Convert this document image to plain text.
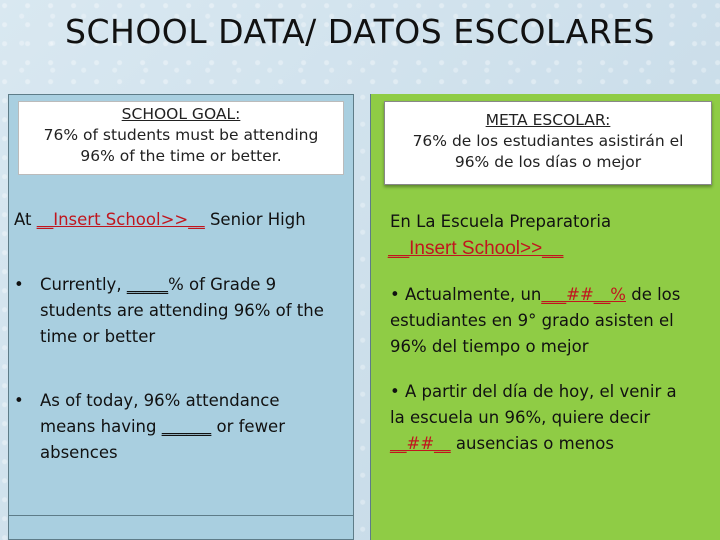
SCHOOL DATA/ DATOS ESCOLARES
SCHOOL GOAL:
76% of students must be attending
96% of the time or better.
META ESCOLAR:
76% de los estudiantes asistirán el
96% de los días o mejor
At __Insert School>>__ Senior High
• Currently, _____% of Grade 9
students are attending 96% of the
time or better
• As of today, 96% attendance
means having ______ or fewer
absences
En La Escuela Preparatoria
__Insert School>>__
• Actualmente, un___##__% de los
estudiantes en 9° grado asisten el
96% del tiempo o mejor
• A partir del día de hoy, el venir a
la escuela un 96%, quiere decir
__##__ ausencias o menos
